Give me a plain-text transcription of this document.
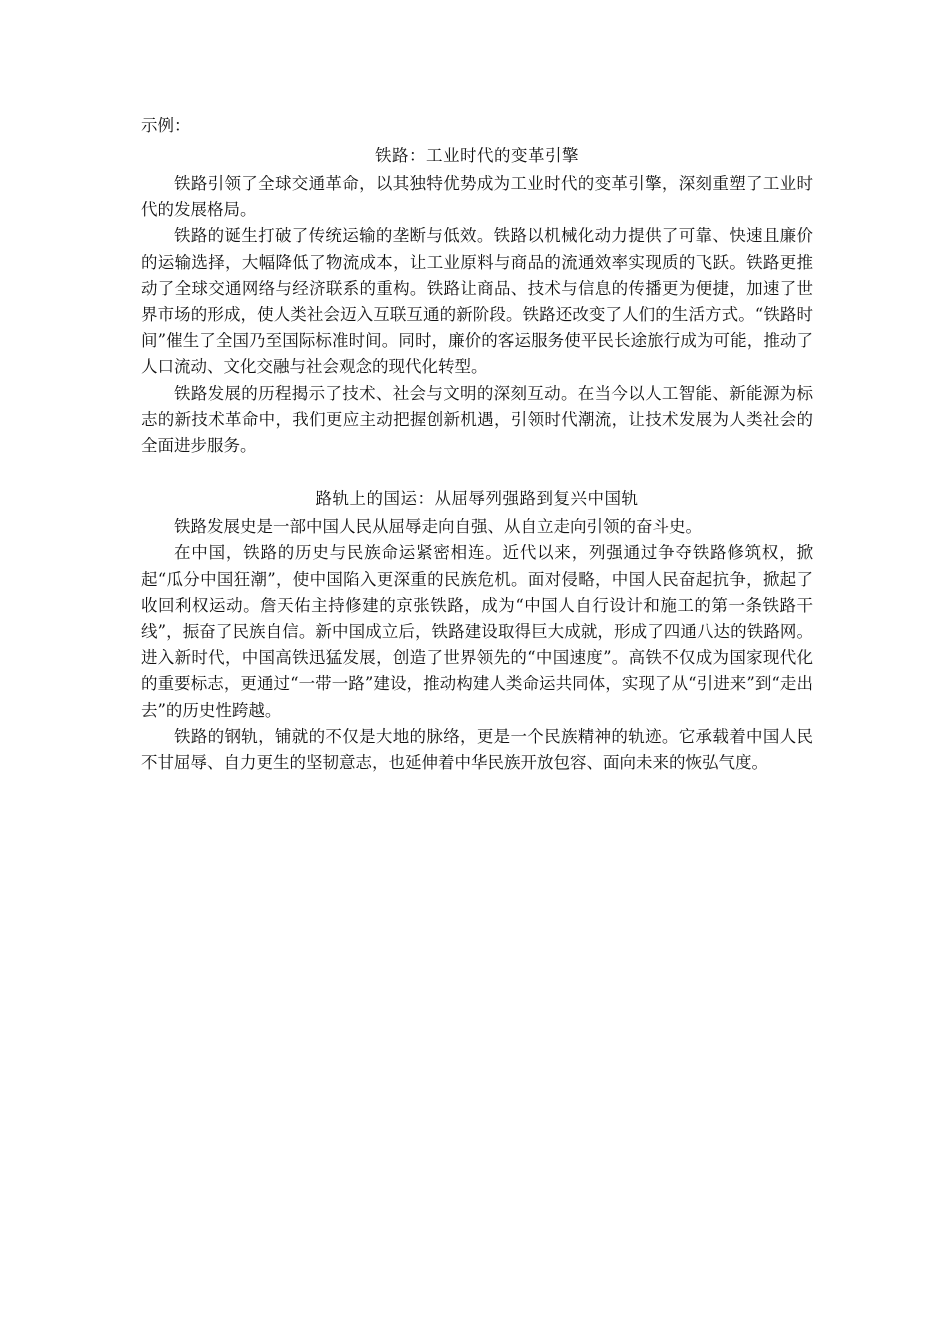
示例：
铁路：工业时代的变革引擎

铁路引领了全球交通革命，以其独特优势成为工业时代的变革引擎，深刻重塑了工业时代的发展格局。

铁路的诞生打破了传统运输的垄断与低效。铁路以机械化动力提供了可靠、快速且廉价的运输选择，大幅降低了物流成本，让工业原料与商品的流通效率实现质的飞跃。铁路更推动了全球交通网络与经济联系的重构。铁路让商品、技术与信息的传播更为便捷，加速了世界市场的形成，使人类社会迈入互联互通的新阶段。铁路还改变了人们的生活方式。“铁路时间”催生了全国乃至国际标准时间。同时，廉价的客运服务使平民长途旅行成为可能，推动了人口流动、文化交融与社会观念的现代化转型。

铁路发展的历程揭示了技术、社会与文明的深刻互动。在当今以人工智能、新能源为标志的新技术革命中，我们更应主动把握创新机遇，引领时代潮流，让技术发展为人类社会的全面进步服务。

路轨上的国运：从屈辱列强路到复兴中国轨

铁路发展史是一部中国人民从屈辱走向自强、从自立走向引领的奋斗史。

在中国，铁路的历史与民族命运紧密相连。近代以来，列强通过争夺铁路修筑权，掀起“瓜分中国狂潮”，使中国陷入更深重的民族危机。面对侵略，中国人民奋起抗争，掀起了收回利权运动。詹天佑主持修建的京张铁路，成为“中国人自行设计和施工的第一条铁路干线”，振奋了民族自信。新中国成立后，铁路建设取得巨大成就，形成了四通八达的铁路网。进入新时代，中国高铁迅猛发展，创造了世界领先的“中国速度”。高铁不仅成为国家现代化的重要标志，更通过“一带一路”建设，推动构建人类命运共同体，实现了从“引进来”到“走出去”的历史性跨越。

铁路的钢轨，铺就的不仅是大地的脉络，更是一个民族精神的轨迹。它承载着中国人民不甘屈辱、自力更生的坚韧意志，也延伸着中华民族开放包容、面向未来的恢弘气度。
